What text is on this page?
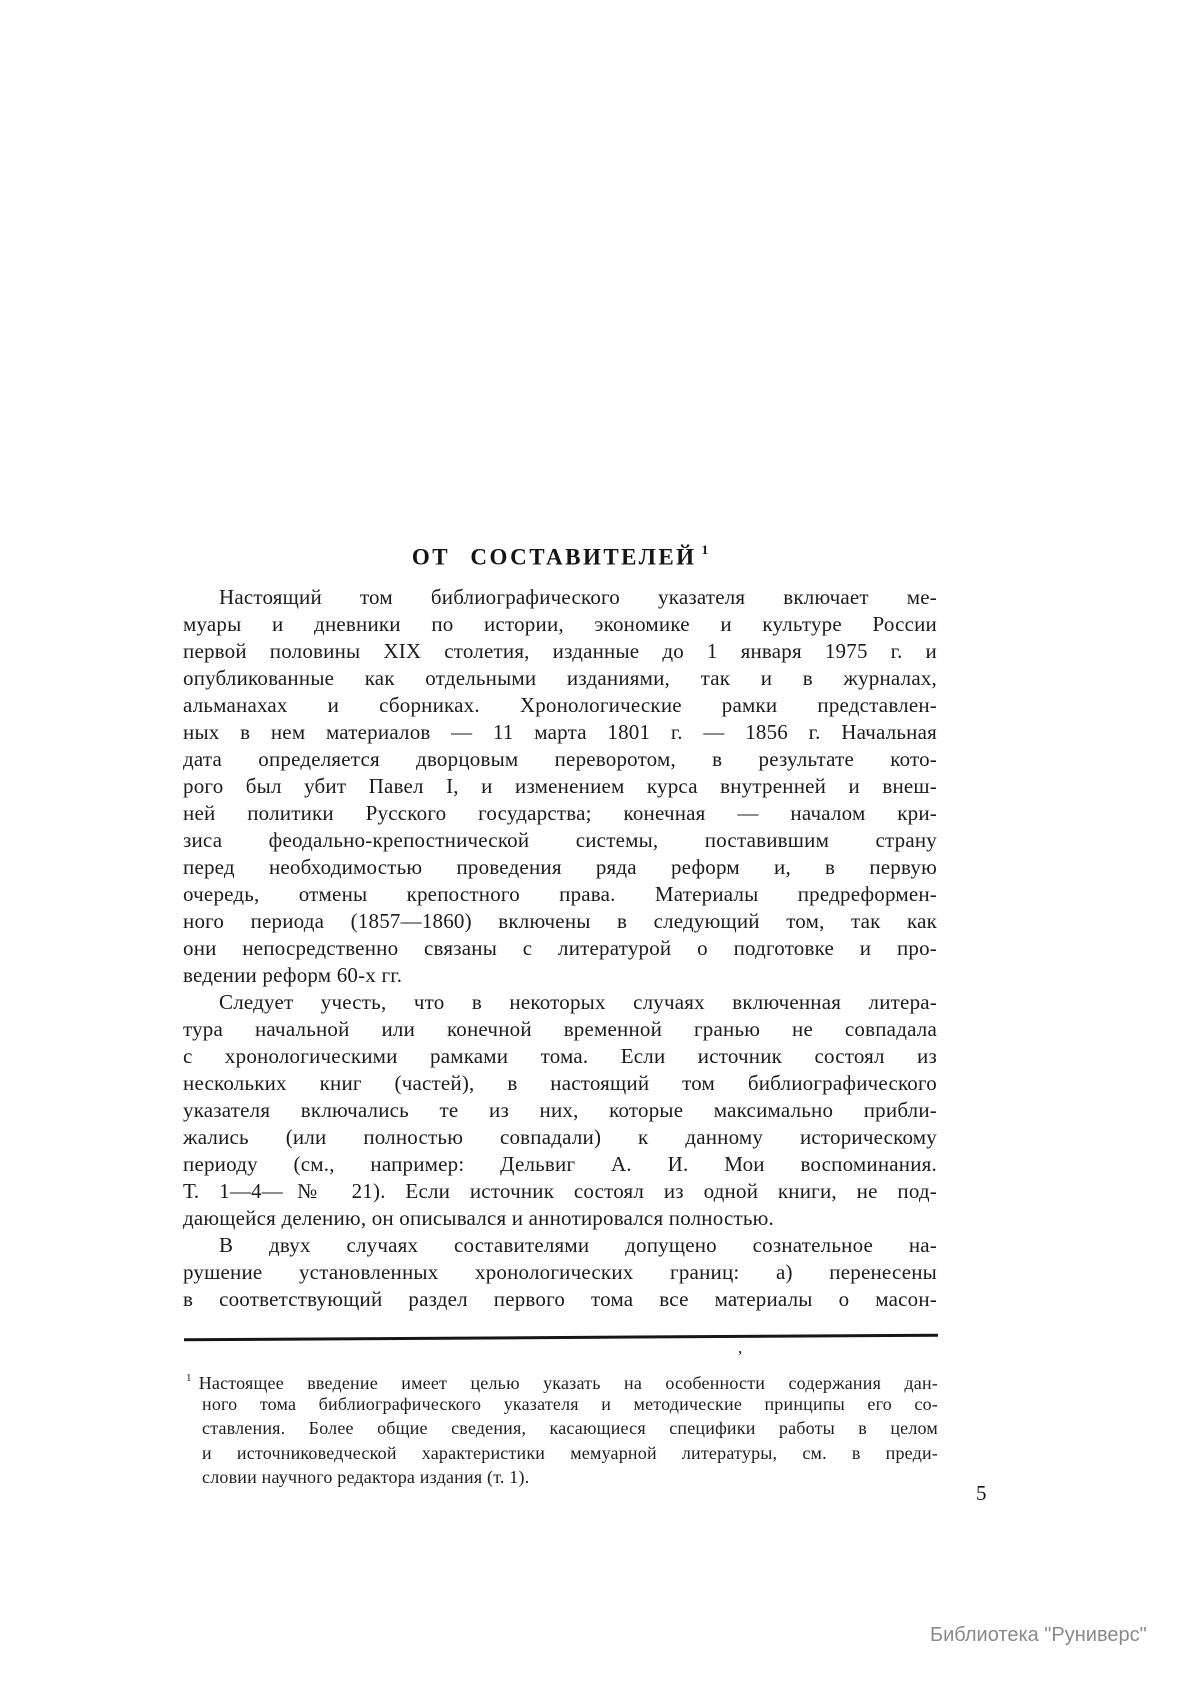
ОТ СОСТАВИТЕЛЕЙ $^1$
Настоящий том библиографического указателя включает ме-
муары и дневники по истории, экономике и культуре России
первой половины XIX столетия, изданные до 1 января 1975 г. и
опубликованные как отдельными изданиями, так и в журналах,
альманахах и сборниках. Хронологические рамки представлен-
ных в нем материалов — 11 марта 1801 г. — 1856 г. Начальная
дата определяется дворцовым переворотом, в результате кото-
рого был убит Павел I, и изменением курса внутренней и внеш-
ней политики Русского государства; конечная — началом кри-
зиса феодально-крепостнической системы, поставившим страну
перед необходимостью проведения ряда реформ и, в первую
очередь, отмены крепостного права. Материалы предреформен-
ного периода (1857—1860) включены в следующий том, так как
они непосредственно связаны с литературой о подготовке и про-
ведении реформ 60-х гг.
Следует учесть, что в некоторых случаях включенная литера-
тура начальной или конечной временной гранью не совпадала
с хронологическими рамками тома. Если источник состоял из
нескольких книг (частей), в настоящий том библиографического
указателя включались те из них, которые максимально прибли-
жались (или полностью совпадали) к данному историческому
периоду (см., например: Дельвиг А. И. Мои воспоминания.
Т. 1—4—№ 21). Если источник состоял из одной книги, не под-
дающейся делению, он описывался и аннотировался полностью.
В двух случаях составителями допущено сознательное на-
рушение установленных хронологических границ: а) перенесены
в соответствующий раздел первого тома все материалы о масон-
,
$^1$ Настоящее введение имеет целью указать на особенности содержания дан-
ного тома библиографического указателя и методические принципы его со-
ставления. Более общие сведения, касающиеся специфики работы в целом
и источниковедческой характеристики мемуарной литературы, см. в преди-
словии научного редактора издания (т. 1).
5
Библиотека "Руниверс"
